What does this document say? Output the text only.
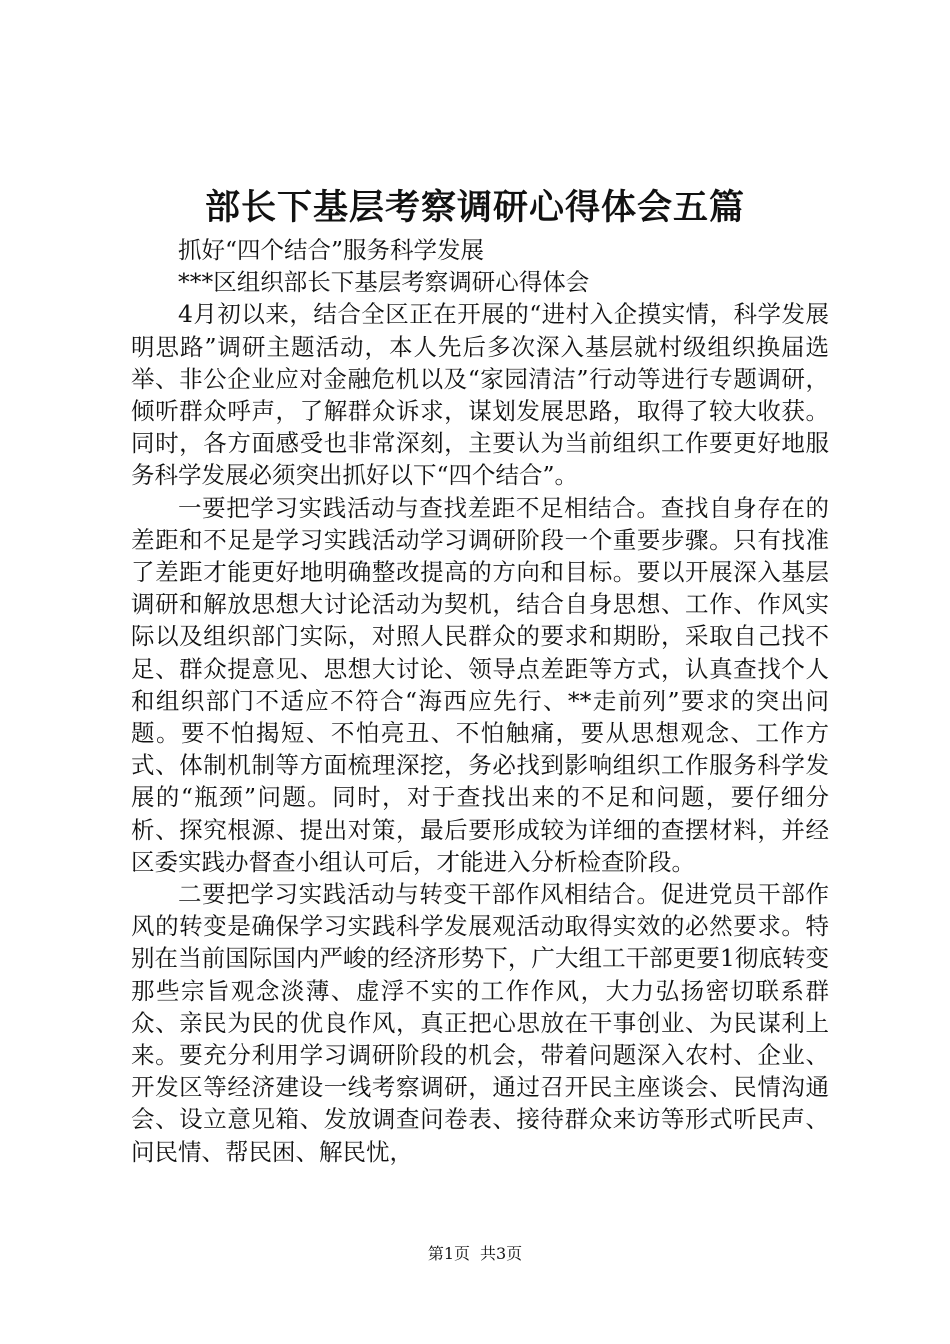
部长下基层考察调研心得体会五篇

抓好“四个结合”服务科学发展

***区组织部长下基层考察调研心得体会

4月初以来，结合全区正在开展的“进村入企摸实情，科学发展明思路”调研主题活动，本人先后多次深入基层就村级组织换届选举、非公企业应对金融危机以及“家园清洁”行动等进行专题调研，倾听群众呼声，了解群众诉求，谋划发展思路，取得了较大收获。同时，各方面感受也非常深刻，主要认为当前组织工作要更好地服务科学发展必须突出抓好以下“四个结合”。

一要把学习实践活动与查找差距不足相结合。查找自身存在的差距和不足是学习实践活动学习调研阶段一个重要步骤。只有找准了差距才能更好地明确整改提高的方向和目标。要以开展深入基层调研和解放思想大讨论活动为契机，结合自身思想、工作、作风实际以及组织部门实际，对照人民群众的要求和期盼，采取自己找不足、群众提意见、思想大讨论、领导点差距等方式，认真查找个人和组织部门不适应不符合“海西应先行、**走前列”要求的突出问题。要不怕揭短、不怕亮丑、不怕触痛，要从思想观念、工作方式、体制机制等方面梳理深挖，务必找到影响组织工作服务科学发展的“瓶颈”问题。同时，对于查找出来的不足和问题，要仔细分析、探究根源、提出对策，最后要形成较为详细的查摆材料，并经区委实践办督查小组认可后，才能进入分析检查阶段。

二要把学习实践活动与转变干部作风相结合。促进党员干部作风的转变是确保学习实践科学发展观活动取得实效的必然要求。特别在当前国际国内严峻的经济形势下，广大组工干部更要1彻底转变那些宗旨观念淡薄、虚浮不实的工作作风，大力弘扬密切联系群众、亲民为民的优良作风，真正把心思放在干事创业、为民谋利上来。要充分利用学习调研阶段的机会，带着问题深入农村、企业、开发区等经济建设一线考察调研，通过召开民主座谈会、民情沟通会、设立意见箱、发放调查问卷表、接待群众来访等形式听民声、问民情、帮民困、解民忧，

第1页 共3页
